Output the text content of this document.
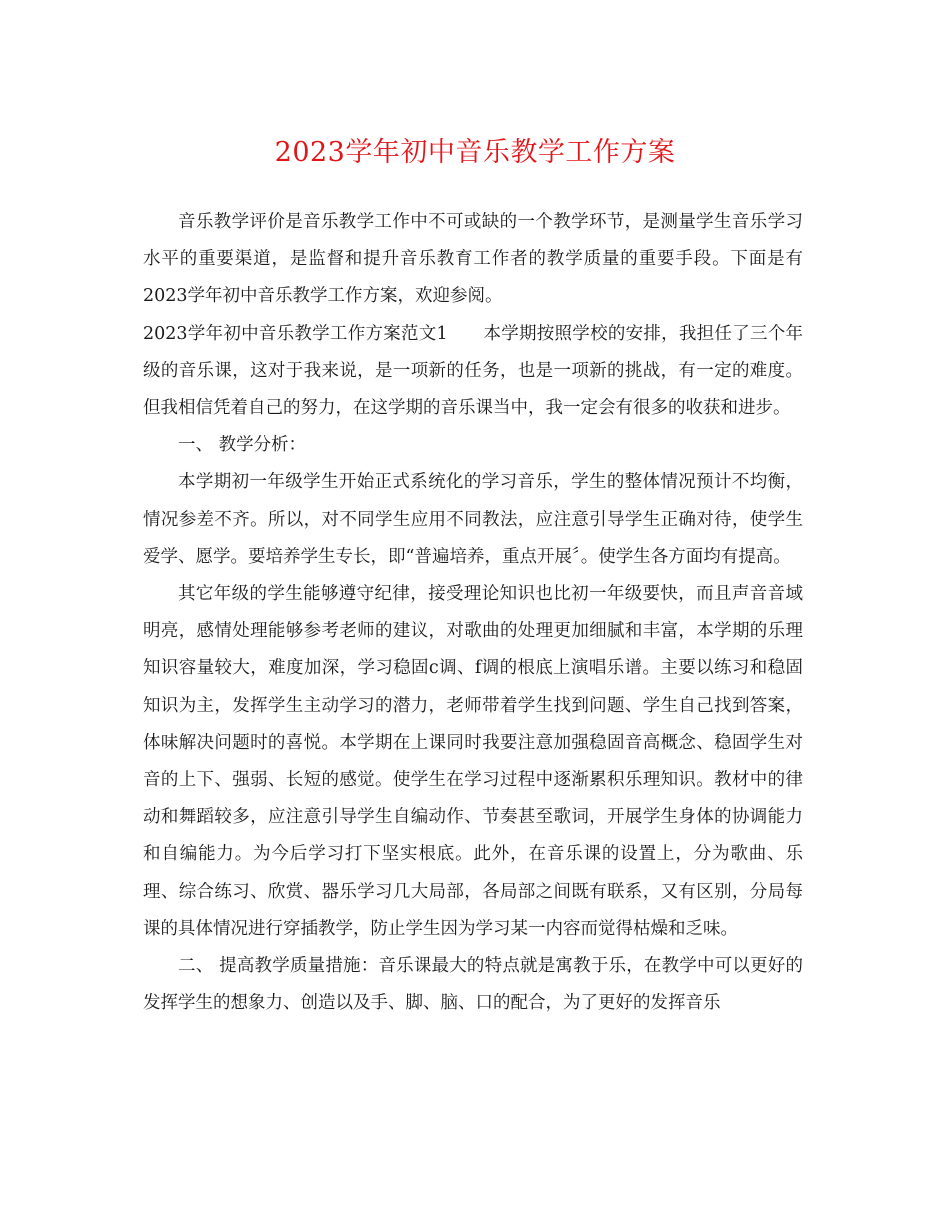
2023学年初中音乐教学工作方案

音乐教学评价是音乐教学工作中不可或缺的一个教学环节，是测量学生音乐学习水平的重要渠道，是监督和提升音乐教育工作者的教学质量的重要手段。下面是有2023学年初中音乐教学工作方案，欢迎参阅。

2023学年初中音乐教学工作方案范文1　　本学期按照学校的安排，我担任了三个年级的音乐课，这对于我来说，是一项新的任务，也是一项新的挑战，有一定的难度。但我相信凭着自己的努力，在这学期的音乐课当中，我一定会有很多的收获和进步。

一、 教学分析：

本学期初一年级学生开始正式系统化的学习音乐，学生的整体情况预计不均衡，情况参差不齐。所以，对不同学生应用不同教法，应注意引导学生正确对待，使学生爱学、愿学。要培养学生专长，即“普遍培养，重点开展〞。使学生各方面均有提高。

其它年级的学生能够遵守纪律，接受理论知识也比初一年级要快，而且声音音域明亮，感情处理能够参考老师的建议，对歌曲的处理更加细腻和丰富，本学期的乐理知识容量较大，难度加深，学习稳固c调、f调的根底上演唱乐谱。主要以练习和稳固知识为主，发挥学生主动学习的潜力，老师带着学生找到问题、学生自己找到答案，体味解决问题时的喜悦。本学期在上课同时我要注意加强稳固音高概念、稳固学生对音的上下、强弱、长短的感觉。使学生在学习过程中逐渐累积乐理知识。教材中的律动和舞蹈较多，应注意引导学生自编动作、节奏甚至歌词，开展学生身体的协调能力和自编能力。为今后学习打下坚实根底。此外，在音乐课的设置上，分为歌曲、乐理、综合练习、欣赏、器乐学习几大局部，各局部之间既有联系，又有区别，分局每课的具体情况进行穿插教学，防止学生因为学习某一内容而觉得枯燥和乏味。

二、 提高教学质量措施：音乐课最大的特点就是寓教于乐，在教学中可以更好的发挥学生的想象力、创造以及手、脚、脑、口的配合，为了更好的发挥音乐
